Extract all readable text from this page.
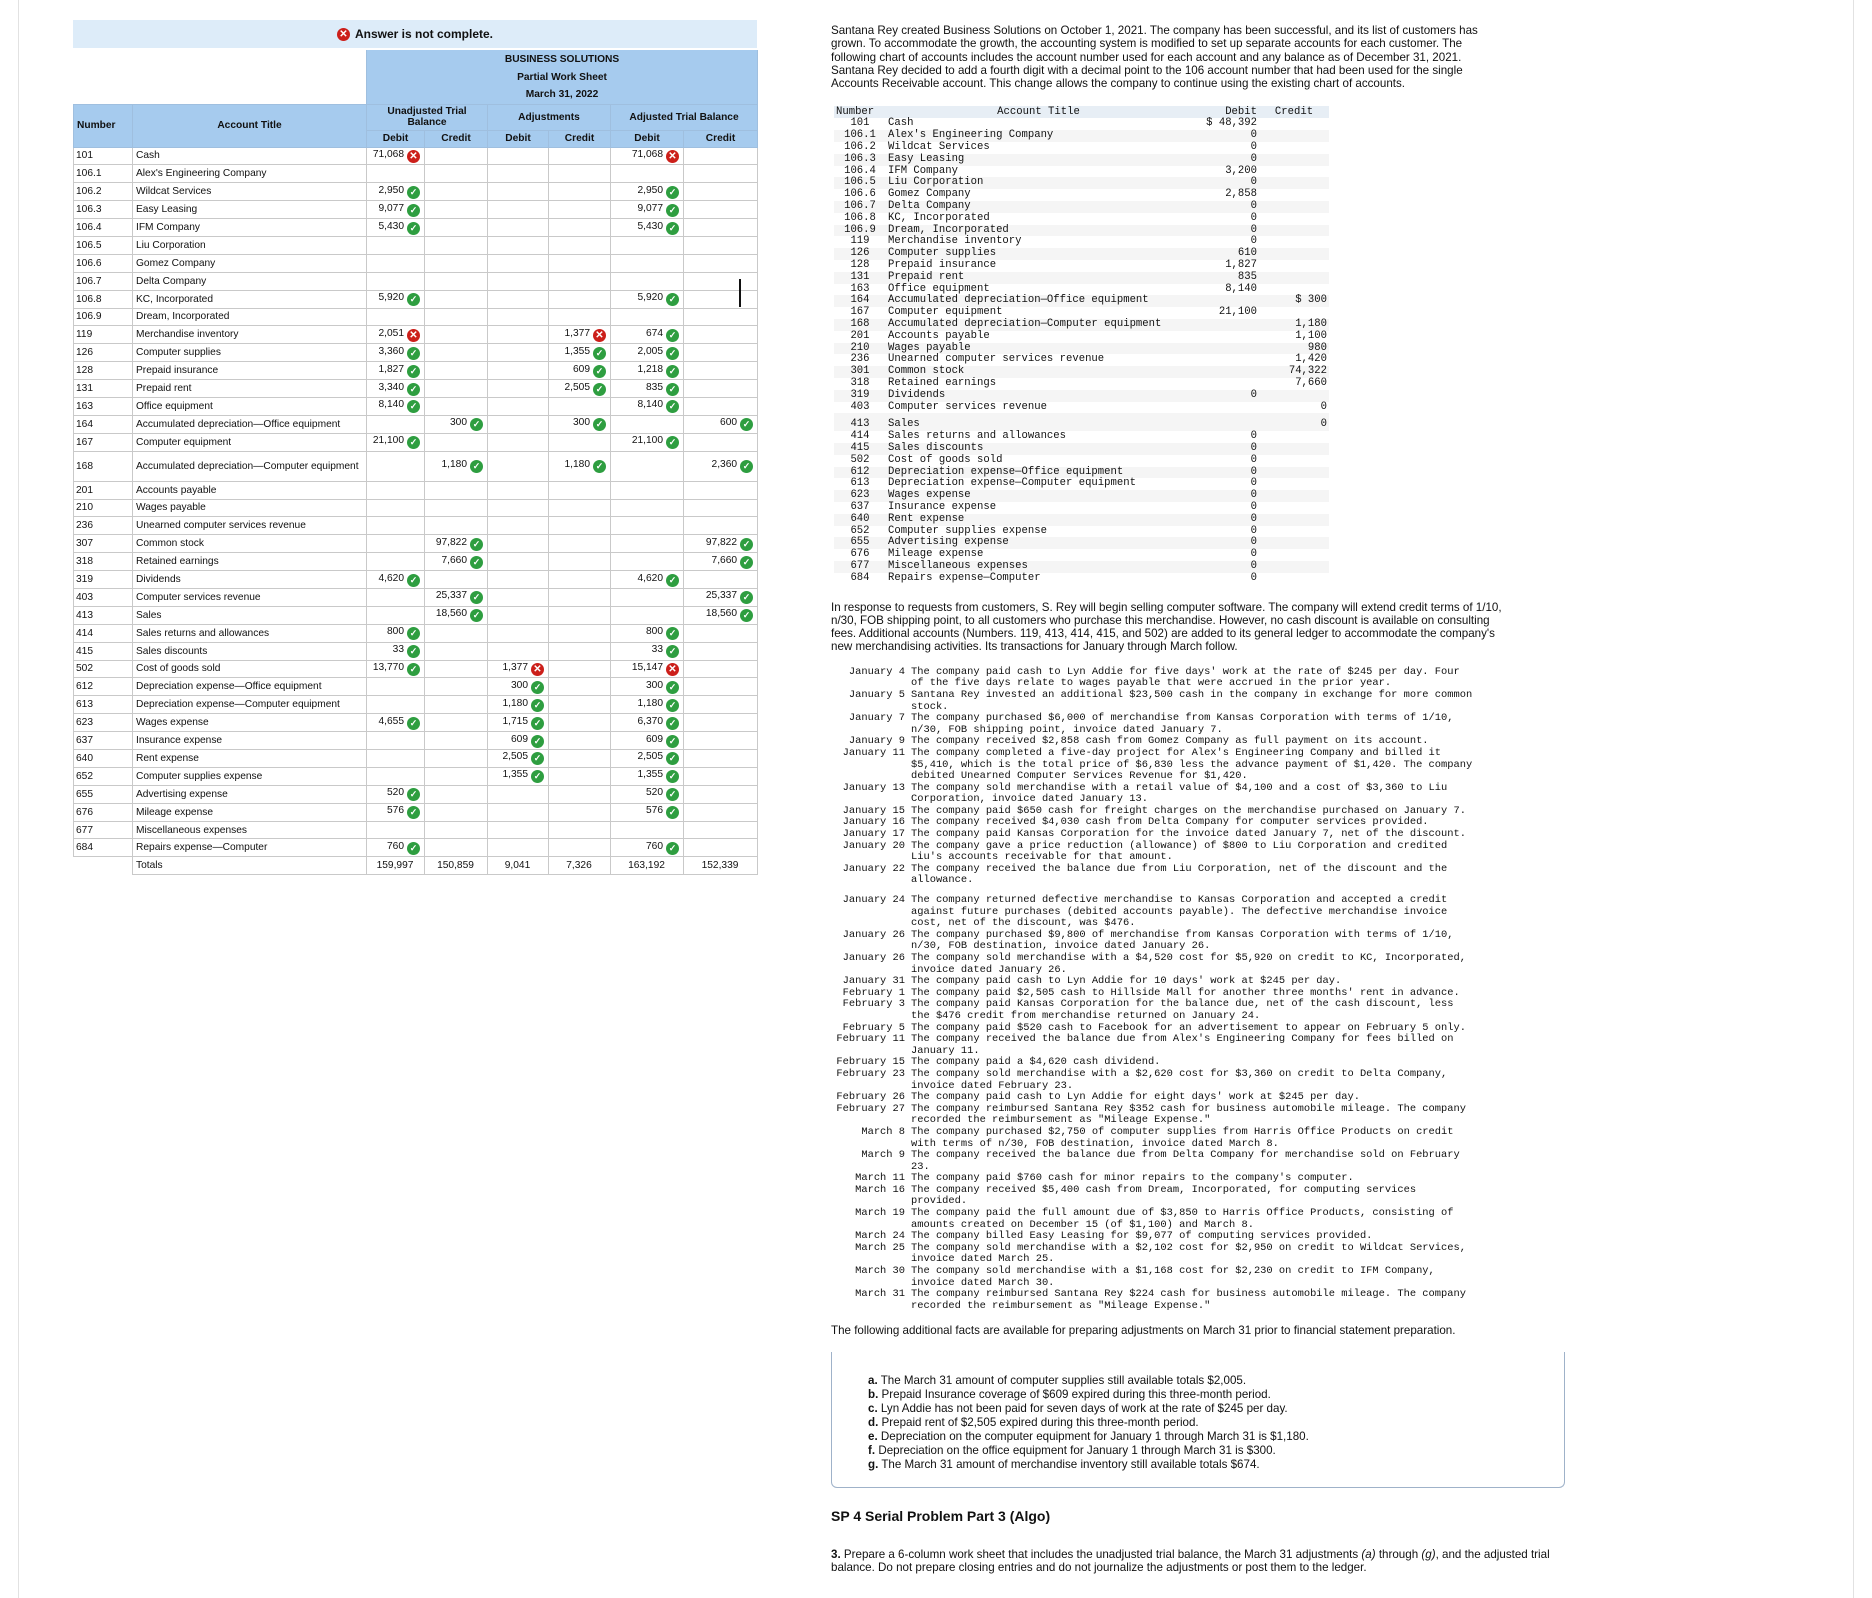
✕ Answer is not complete.
		BUSINESS SOLUTIONS					
		Partial Work Sheet					
		March 31, 2022					
Number	Account Title	Unadjusted Trial Balance		Adjustments		Adjusted Trial Balance	
		Debit	Credit	Debit	Credit	Debit	Credit
101	Cash	71,068 ✕				71,068 ✕	
106.1	Alex's Engineering Company						
106.2	Wildcat Services	2,950 ✓				2,950 ✓	
106.3	Easy Leasing	9,077 ✓				9,077 ✓	
106.4	IFM Company	5,430 ✓				5,430 ✓	
106.5	Liu Corporation						
106.6	Gomez Company						
106.7	Delta Company						
106.8	KC, Incorporated	5,920 ✓				5,920 ✓	
106.9	Dream, Incorporated						
119	Merchandise inventory	2,051 ✕			1,377 ✕	674 ✓	
126	Computer supplies	3,360 ✓			1,355 ✓	2,005 ✓	
128	Prepaid insurance	1,827 ✓			609 ✓	1,218 ✓	
131	Prepaid rent	3,340 ✓			2,505 ✓	835 ✓	
163	Office equipment	8,140 ✓				8,140 ✓	
164	Accumulated depreciation—Office equipment		300 ✓		300 ✓		600 ✓
167	Computer equipment	21,100 ✓				21,100 ✓	
168	Accumulated depreciation—Computer equipment		1,180 ✓		1,180 ✓		2,360 ✓
201	Accounts payable						
210	Wages payable						
236	Unearned computer services revenue						
307	Common stock		97,822 ✓				97,822 ✓
318	Retained earnings		7,660 ✓				7,660 ✓
319	Dividends	4,620 ✓				4,620 ✓	
403	Computer services revenue		25,337 ✓				25,337 ✓
413	Sales		18,560 ✓				18,560 ✓
414	Sales returns and allowances	800 ✓				800 ✓	
415	Sales discounts	33 ✓				33 ✓	
502	Cost of goods sold	13,770 ✓		1,377 ✕		15,147 ✕	
612	Depreciation expense—Office equipment			300 ✓		300 ✓	
613	Depreciation expense—Computer equipment			1,180 ✓		1,180 ✓	
623	Wages expense	4,655 ✓		1,715 ✓		6,370 ✓	
637	Insurance expense			609 ✓		609 ✓	
640	Rent expense			2,505 ✓		2,505 ✓	
652	Computer supplies expense			1,355 ✓		1,355 ✓	
655	Advertising expense	520 ✓				520 ✓	
676	Mileage expense	576 ✓				576 ✓	
677	Miscellaneous expenses						
684	Repairs expense—Computer	760 ✓				760 ✓	
	Totals	159,997	150,859	9,041	7,326	163,192	152,339

Santana Rey created Business Solutions on October 1, 2021. The company has been successful, and its list of customers has grown. To accommodate the growth, the accounting system is modified to set up separate accounts for each customer. The following chart of accounts includes the account number used for each account and any balance as of December 31, 2021. Santana Rey decided to add a fourth digit with a decimal point to the 106 account number that had been used for the single Accounts Receivable account. This change allows the company to continue using the existing chart of accounts.

Number	Account Title	Debit	Credit
101	Cash	$ 48,392	
106.1	Alex's Engineering Company	0	
106.2	Wildcat Services	0	
106.3	Easy Leasing	0	
106.4	IFM Company	3,200	
106.5	Liu Corporation	0	
106.6	Gomez Company	2,858	
106.7	Delta Company	0	
106.8	KC, Incorporated	0	
106.9	Dream, Incorporated	0	
119	Merchandise inventory	0	
126	Computer supplies	610	
128	Prepaid insurance	1,827	
131	Prepaid rent	835	
163	Office equipment	8,140	
164	Accumulated depreciation—Office equipment		$ 300
167	Computer equipment	21,100	
168	Accumulated depreciation—Computer equipment		1,180
201	Accounts payable		1,100
210	Wages payable		980
236	Unearned computer services revenue		1,420
301	Common stock		74,322
318	Retained earnings		7,660
319	Dividends	0	
403	Computer services revenue		0
413	Sales		0
414	Sales returns and allowances	0	
415	Sales discounts	0	
502	Cost of goods sold	0	
612	Depreciation expense—Office equipment	0	
613	Depreciation expense—Computer equipment	0	
623	Wages expense	0	
637	Insurance expense	0	
640	Rent expense	0	
652	Computer supplies expense	0	
655	Advertising expense	0	
676	Mileage expense	0	
677	Miscellaneous expenses	0	
684	Repairs expense—Computer	0	

In response to requests from customers, S. Rey will begin selling computer software. The company will extend credit terms of 1/10, n/30, FOB shipping point, to all customers who purchase this merchandise. However, no cash discount is available on consulting fees. Additional accounts (Numbers. 119, 413, 414, 415, and 502) are added to its general ledger to accommodate the company's new merchandising activities. Its transactions for January through March follow.

January 4 The company paid cash to Lyn Addie for five days' work at the rate of $245 per day. Four of the five days relate to wages payable that were accrued in the prior year.
January 5 Santana Rey invested an additional $23,500 cash in the company in exchange for more common stock.
January 7 The company purchased $6,000 of merchandise from Kansas Corporation with terms of 1/10, n/30, FOB shipping point, invoice dated January 7.
January 9 The company received $2,858 cash from Gomez Company as full payment on its account.
January 11 The company completed a five-day project for Alex's Engineering Company and billed it $5,410, which is the total price of $6,830 less the advance payment of $1,420. The company debited Unearned Computer Services Revenue for $1,420.
January 13 The company sold merchandise with a retail value of $4,100 and a cost of $3,360 to Liu Corporation, invoice dated January 13.
January 15 The company paid $650 cash for freight charges on the merchandise purchased on January 7.
January 16 The company received $4,030 cash from Delta Company for computer services provided.
January 17 The company paid Kansas Corporation for the invoice dated January 7, net of the discount.
January 20 The company gave a price reduction (allowance) of $800 to Liu Corporation and credited Liu's accounts receivable for that amount.
January 22 The company received the balance due from Liu Corporation, net of the discount and the allowance.
January 24 The company returned defective merchandise to Kansas Corporation and accepted a credit against future purchases (debited accounts payable). The defective merchandise invoice cost, net of the discount, was $476.
January 26 The company purchased $9,800 of merchandise from Kansas Corporation with terms of 1/10, n/30, FOB destination, invoice dated January 26.
January 26 The company sold merchandise with a $4,520 cost for $5,920 on credit to KC, Incorporated, invoice dated January 26.
January 31 The company paid cash to Lyn Addie for 10 days' work at $245 per day.
February 1 The company paid $2,505 cash to Hillside Mall for another three months' rent in advance.
February 3 The company paid Kansas Corporation for the balance due, net of the cash discount, less the $476 credit from merchandise returned on January 24.
February 5 The company paid $520 cash to Facebook for an advertisement to appear on February 5 only.
February 11 The company received the balance due from Alex's Engineering Company for fees billed on January 11.
February 15 The company paid a $4,620 cash dividend.
February 23 The company sold merchandise with a $2,620 cost for $3,360 on credit to Delta Company, invoice dated February 23.
February 26 The company paid cash to Lyn Addie for eight days' work at $245 per day.
February 27 The company reimbursed Santana Rey $352 cash for business automobile mileage. The company recorded the reimbursement as "Mileage Expense."
March 8 The company purchased $2,750 of computer supplies from Harris Office Products on credit with terms of n/30, FOB destination, invoice dated March 8.
March 9 The company received the balance due from Delta Company for merchandise sold on February 23.
March 11 The company paid $760 cash for minor repairs to the company's computer.
March 16 The company received $5,400 cash from Dream, Incorporated, for computing services provided.
March 19 The company paid the full amount due of $3,850 to Harris Office Products, consisting of amounts created on December 15 (of $1,100) and March 8.
March 24 The company billed Easy Leasing for $9,077 of computing services provided.
March 25 The company sold merchandise with a $2,102 cost for $2,950 on credit to Wildcat Services, invoice dated March 25.
March 30 The company sold merchandise with a $1,168 cost for $2,230 on credit to IFM Company, invoice dated March 30.
March 31 The company reimbursed Santana Rey $224 cash for business automobile mileage. The company recorded the reimbursement as "Mileage Expense."

The following additional facts are available for preparing adjustments on March 31 prior to financial statement preparation.

a. The March 31 amount of computer supplies still available totals $2,005.
b. Prepaid Insurance coverage of $609 expired during this three-month period.
c. Lyn Addie has not been paid for seven days of work at the rate of $245 per day.
d. Prepaid rent of $2,505 expired during this three-month period.
e. Depreciation on the computer equipment for January 1 through March 31 is $1,180.
f. Depreciation on the office equipment for January 1 through March 31 is $300.
g. The March 31 amount of merchandise inventory still available totals $674.
SP 4 Serial Problem Part 3 (Algo)

3. Prepare a 6-column work sheet that includes the unadjusted trial balance, the March 31 adjustments (a) through (g), and the adjusted trial balance. Do not prepare closing entries and do not journalize the adjustments or post them to the ledger.
